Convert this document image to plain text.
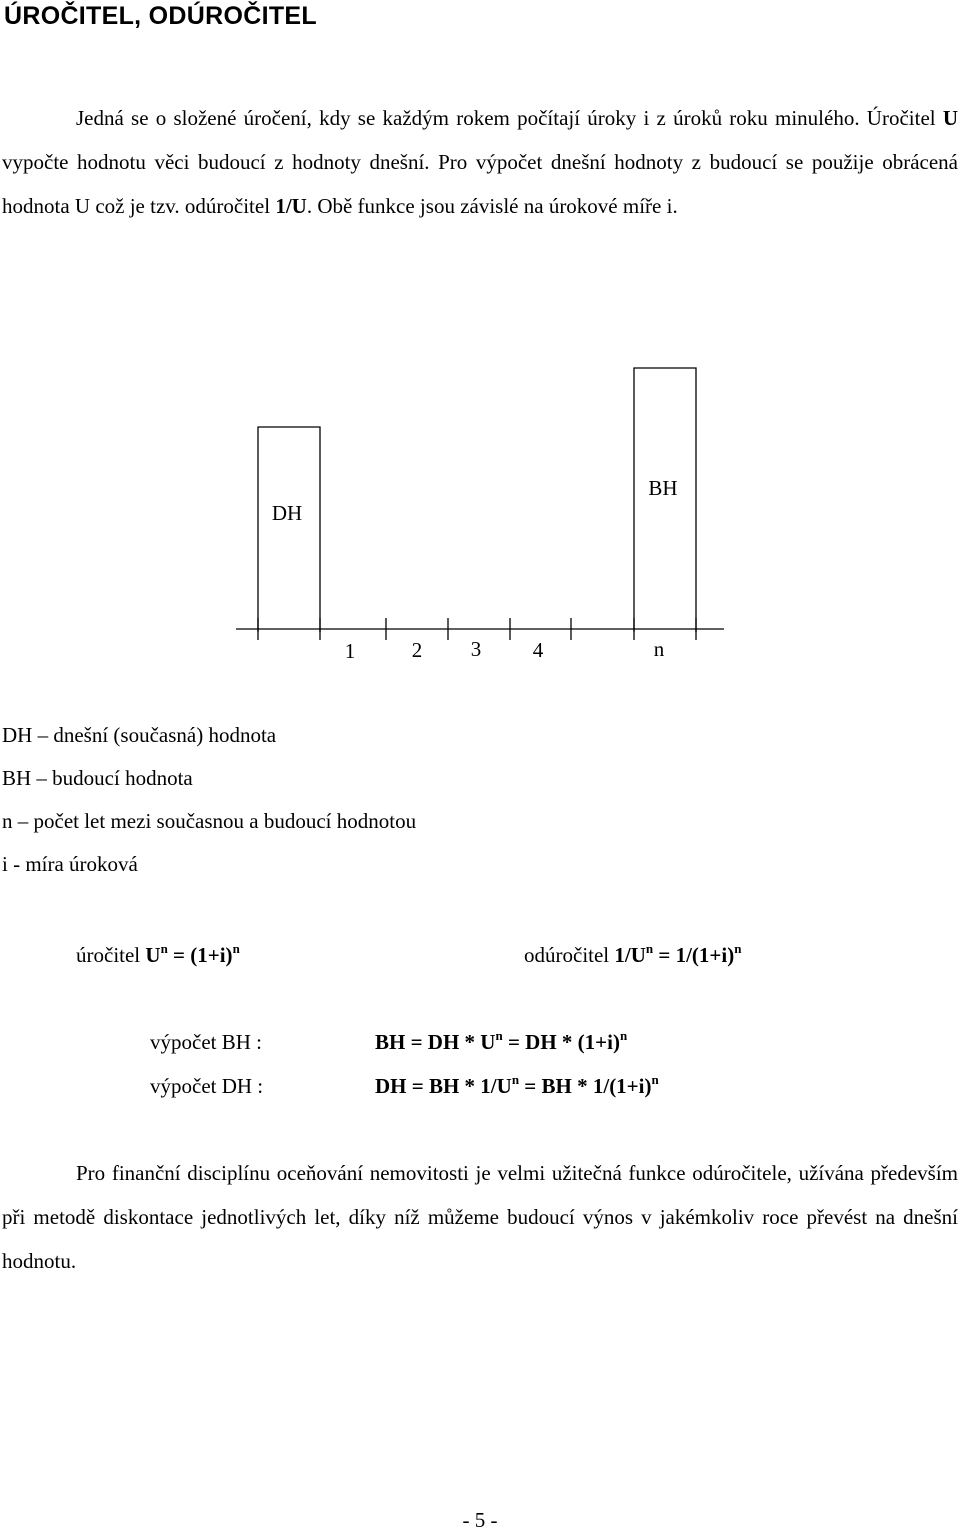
ÚROČITEL, ODÚROČITEL

Jedná se o složené úročení, kdy se každým rokem počítají úroky i z úroků roku minulého. Úročitel U vypočte hodnotu věci budoucí z hodnoty dnešní. Pro výpočet dnešní hodnoty z budoucí se použije obrácená hodnota U což je tzv. odúročitel 1/U. Obě funkce jsou závislé na úrokové míře i.

DH
BH
1	2 3 4	n
DH – dnešní (současná) hodnota
BH – budoucí hodnota
n – počet let mezi současnou a budoucí hodnotou
i - míra úroková
úročitel $U^n = (1+i)^n$	odúročitel $1/U^n = 1/(1+i)^n$
výpočet BH :	BH = DH * $U^n$ = DH * $(1+i)^n$
výpočet DH :	DH = BH * $1/U^n$ = BH * $1/(1+i)^n$

Pro finanční disciplínu oceňování nemovitosti je velmi užitečná funkce odúročitele, užívána především při metodě diskontace jednotlivých let, díky níž můžeme budoucí výnos v jakémkoliv roce převést na dnešní hodnotu.

- 5 -
